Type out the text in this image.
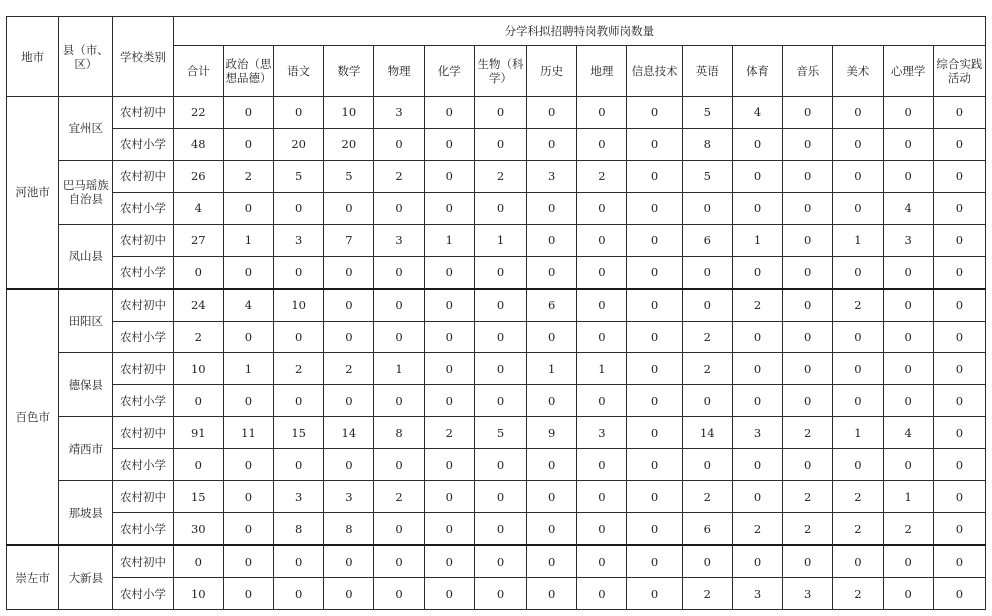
地市	县（市、区）	学校类别	分学科拟招聘特岗教师岗数量															
			合计	政治（思想品德）	语文	数学	物理	化学	生物（科学）	历史	地理	信息技术	英语	体育	音乐	美术	心理学	综合实践活动
河池市	宜州区	农村初中	22	0	0	10	3	0	0	0	0	0	5	4	0	0	0	0
		农村小学	48	0	20	20	0	0	0	0	0	0	8	0	0	0	0	0
	巴马瑶族自治县	农村初中	26	2	5	5	2	0	2	3	2	0	5	0	0	0	0	0
		农村小学	4	0	0	0	0	0	0	0	0	0	0	0	0	0	4	0
	凤山县	农村初中	27	1	3	7	3	1	1	0	0	0	6	1	0	1	3	0
		农村小学	0	0	0	0	0	0	0	0	0	0	0	0	0	0	0	0
百色市	田阳区	农村初中	24	4	10	0	0	0	0	6	0	0	0	2	0	2	0	0
		农村小学	2	0	0	0	0	0	0	0	0	0	2	0	0	0	0	0
	德保县	农村初中	10	1	2	2	1	0	0	1	1	0	2	0	0	0	0	0
		农村小学	0	0	0	0	0	0	0	0	0	0	0	0	0	0	0	0
	靖西市	农村初中	91	11	15	14	8	2	5	9	3	0	14	3	2	1	4	0
		农村小学	0	0	0	0	0	0	0	0	0	0	0	0	0	0	0	0
	那坡县	农村初中	15	0	3	3	2	0	0	0	0	0	2	0	2	2	1	0
		农村小学	30	0	8	8	0	0	0	0	0	0	6	2	2	2	2	0
崇左市	大新县	农村初中	0	0	0	0	0	0	0	0	0	0	0	0	0	0	0	0
		农村小学	10	0	0	0	0	0	0	0	0	0	2	3	3	2	0	0
